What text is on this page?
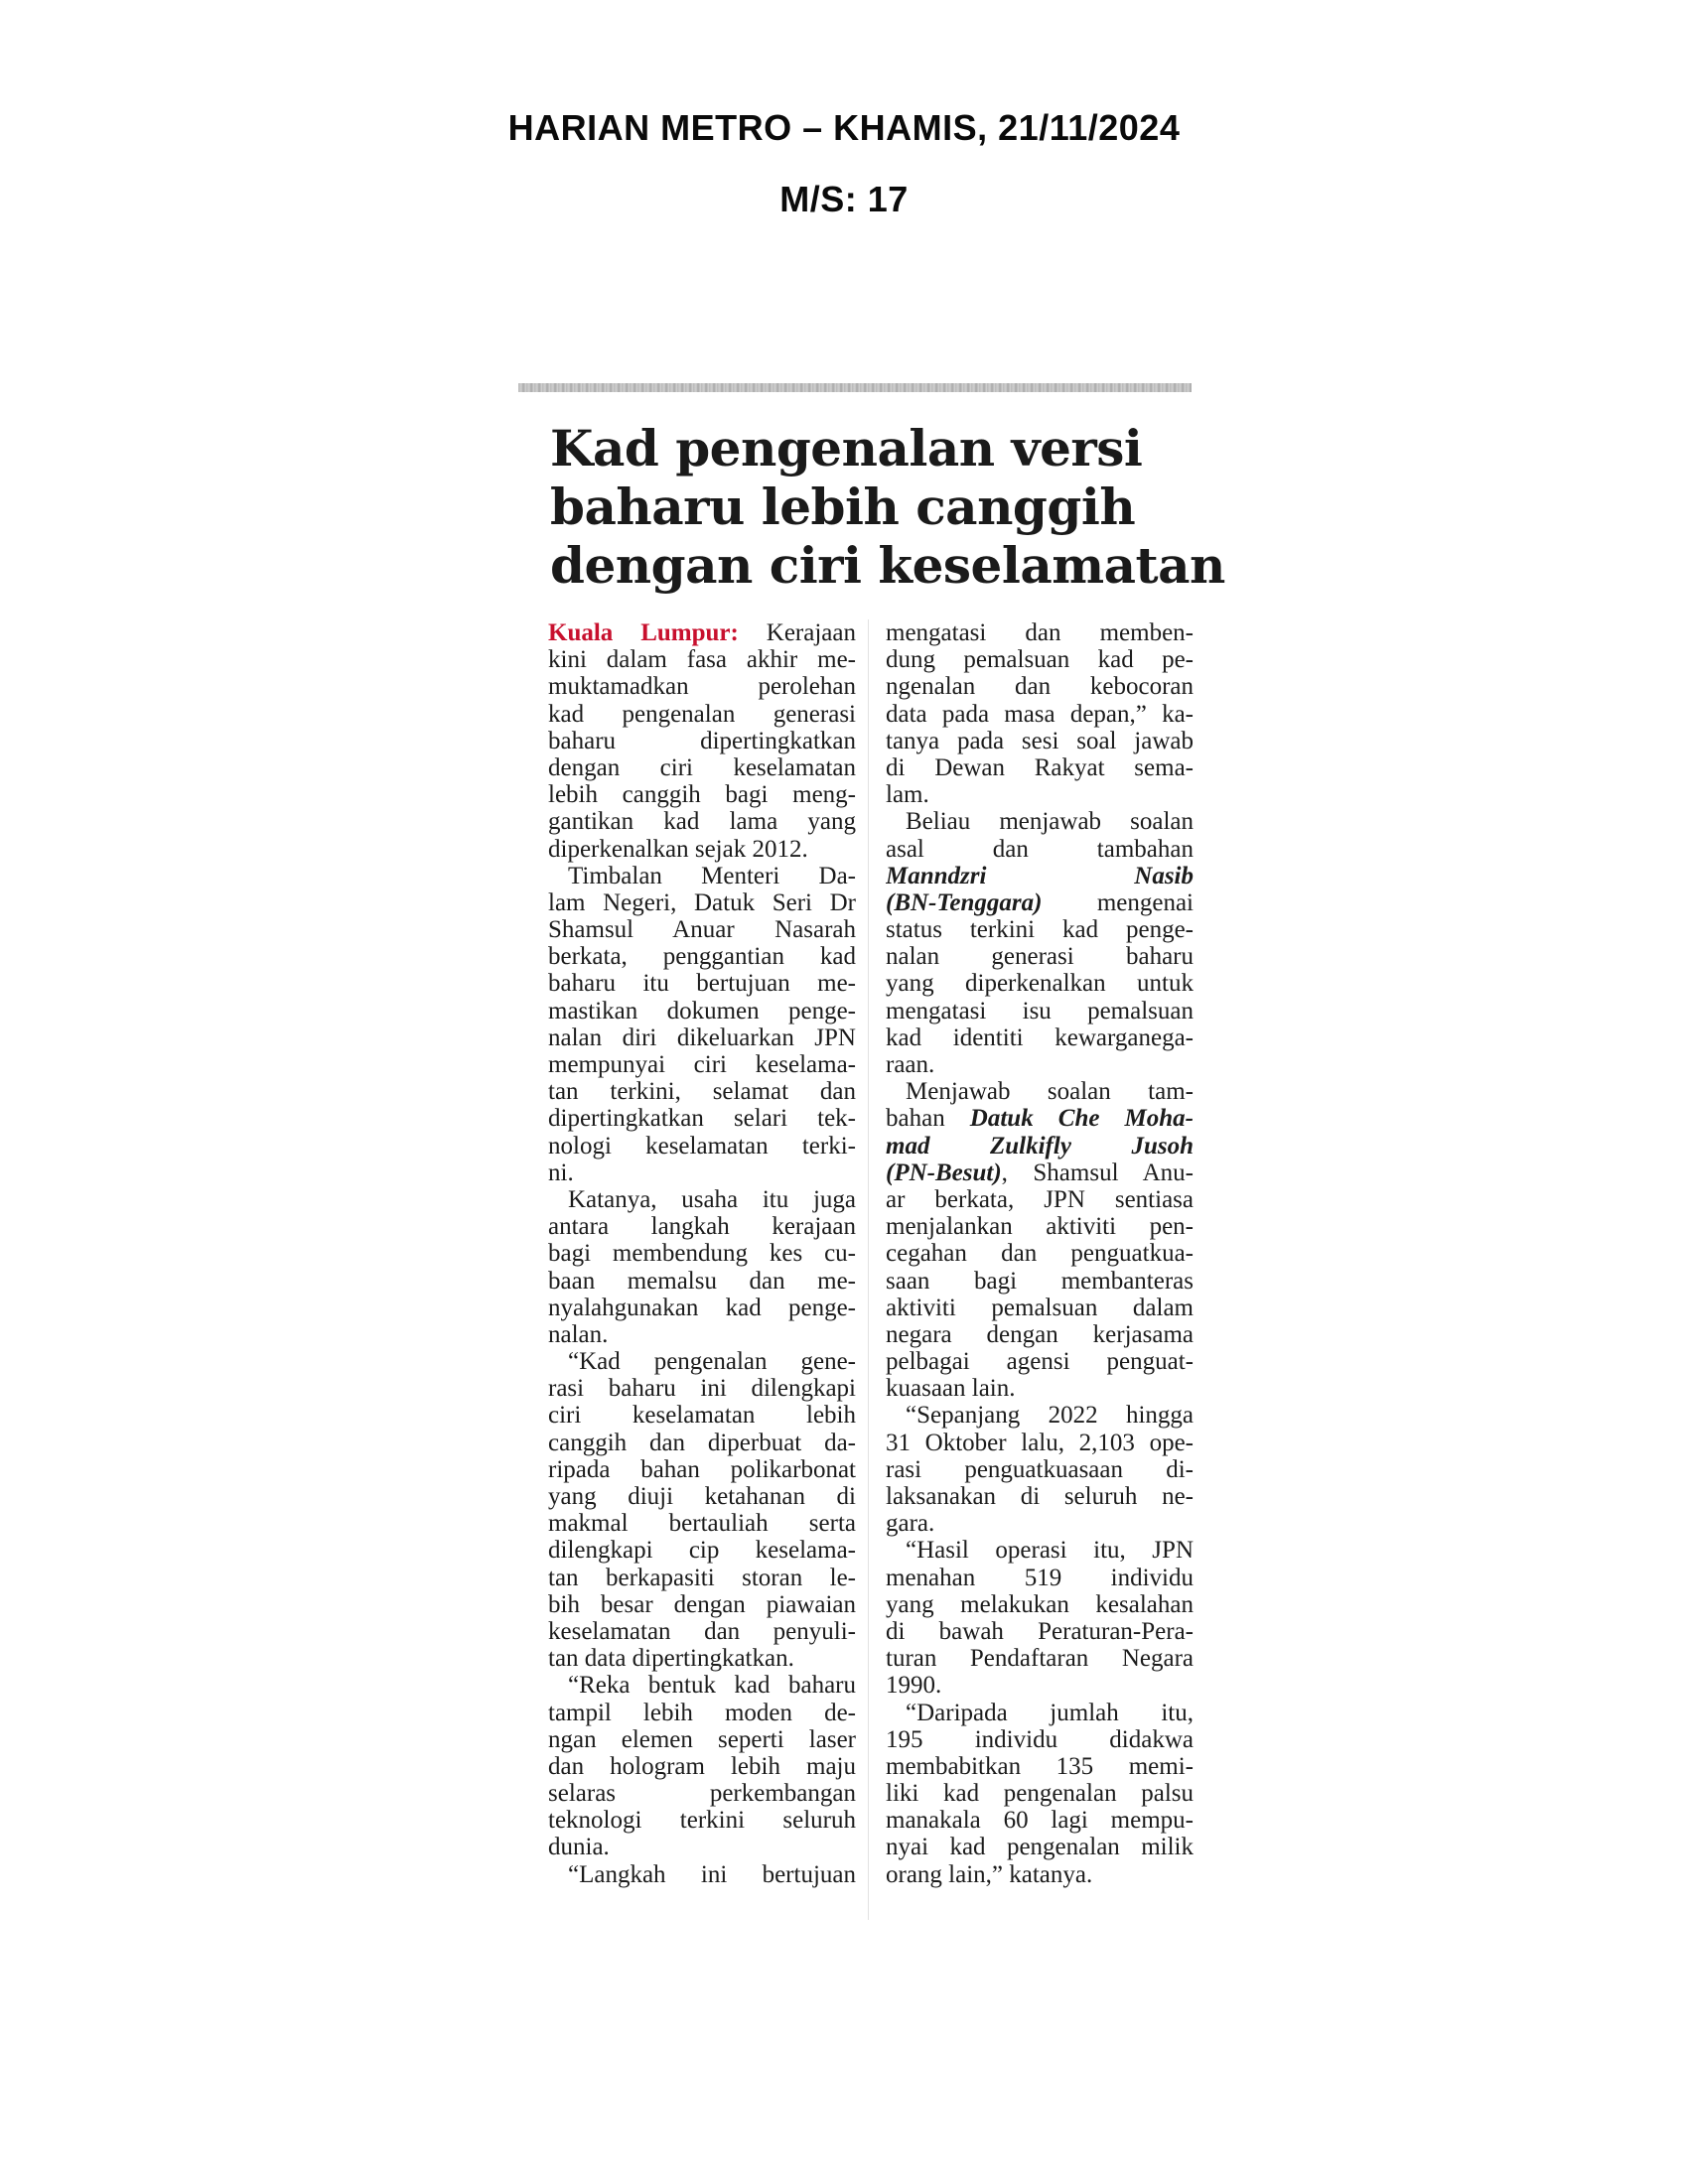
HARIAN METRO – KHAMIS, 21/11/2024
M/S: 17
Kad pengenalan versi
baharu lebih canggih
dengan ciri keselamatan
Kuala Lumpur: Kerajaan
kini dalam fasa akhir me-
muktamadkan perolehan
kad pengenalan generasi
baharu dipertingkatkan
dengan ciri keselamatan
lebih canggih bagi meng-
gantikan kad lama yang
diperkenalkan sejak 2012.
Timbalan Menteri Da-
lam Negeri, Datuk Seri Dr
Shamsul Anuar Nasarah
berkata, penggantian kad
baharu itu bertujuan me-
mastikan dokumen penge-
nalan diri dikeluarkan JPN
mempunyai ciri keselama-
tan terkini, selamat dan
dipertingkatkan selari tek-
nologi keselamatan terki-
ni.
Katanya, usaha itu juga
antara langkah kerajaan
bagi membendung kes cu-
baan memalsu dan me-
nyalahgunakan kad penge-
nalan.
“Kad pengenalan gene-
rasi baharu ini dilengkapi
ciri keselamatan lebih
canggih dan diperbuat da-
ripada bahan polikarbonat
yang diuji ketahanan di
makmal bertauliah serta
dilengkapi cip keselama-
tan berkapasiti storan le-
bih besar dengan piawaian
keselamatan dan penyuli-
tan data dipertingkatkan.
“Reka bentuk kad baharu
tampil lebih moden de-
ngan elemen seperti laser
dan hologram lebih maju
selaras perkembangan
teknologi terkini seluruh
dunia.
“Langkah ini bertujuan
mengatasi dan memben-
dung pemalsuan kad pe-
ngenalan dan kebocoran
data pada masa depan,” ka-
tanya pada sesi soal jawab
di Dewan Rakyat sema-
lam.
Beliau menjawab soalan
asal dan tambahan
Manndzri Nasib
(BN-Tenggara) mengenai
status terkini kad penge-
nalan generasi baharu
yang diperkenalkan untuk
mengatasi isu pemalsuan
kad identiti kewarganega-
raan.
Menjawab soalan tam-
bahan Datuk Che Moha-
mad Zulkifly Jusoh
(PN-Besut), Shamsul Anu-
ar berkata, JPN sentiasa
menjalankan aktiviti pen-
cegahan dan penguatkua-
saan bagi membanteras
aktiviti pemalsuan dalam
negara dengan kerjasama
pelbagai agensi penguat-
kuasaan lain.
“Sepanjang 2022 hingga
31 Oktober lalu, 2,103 ope-
rasi penguatkuasaan di-
laksanakan di seluruh ne-
gara.
“Hasil operasi itu, JPN
menahan 519 individu
yang melakukan kesalahan
di bawah Peraturan-Pera-
turan Pendaftaran Negara
1990.
“Daripada jumlah itu,
195 individu didakwa
membabitkan 135 memi-
liki kad pengenalan palsu
manakala 60 lagi mempu-
nyai kad pengenalan milik
orang lain,” katanya.
